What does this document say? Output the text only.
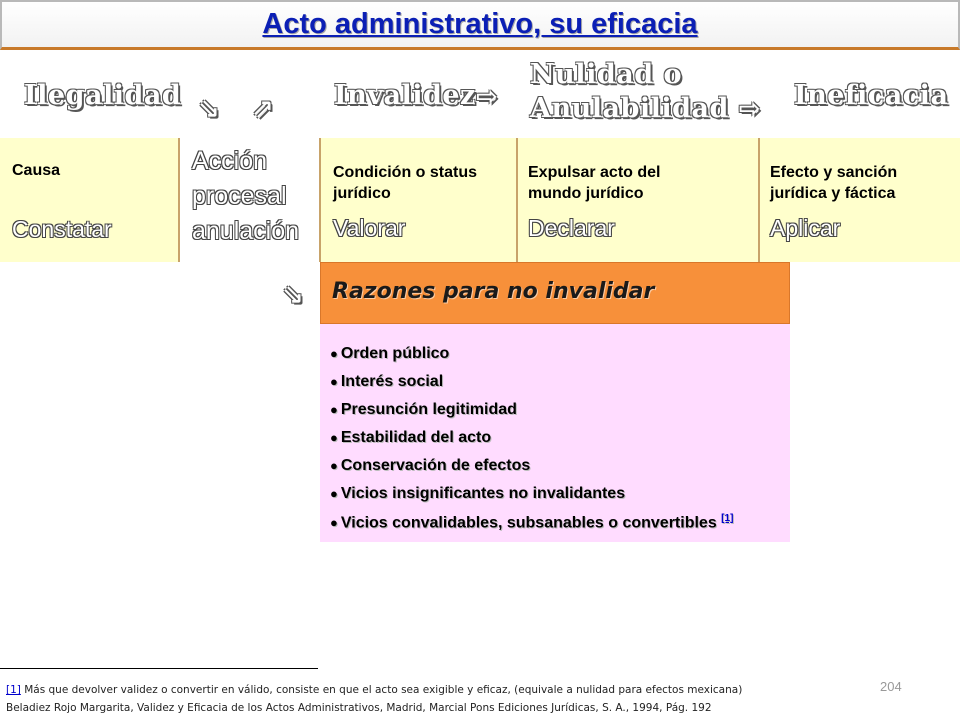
Acto administrativo, su eficacia
Ilegalidad ⇘ ⇗ Invalidez ⇨
Nulidad o
Anulabilidad ⇨ Ineficacia
Causa
Constatar
Acción
procesal
anulación
Condición o status
jurídico
Valorar
Expulsar acto del
mundo jurídico
Declarar
Efecto y sanción
jurídica y fáctica
Aplicar
⇘ Razones para no invalidar
● Orden público
● Interés social
● Presunción legitimidad
● Estabilidad del acto
● Conservación de efectos
● Vicios insignificantes no invalidantes
● Vicios convalidables, subsanables o convertibles [1]
[1] Más que devolver validez o convertir en válido, consiste en que el acto sea exigible y eficaz, (equivale a nulidad para efectos mexicana)
Beladiez Rojo Margarita, Validez y Eficacia de los Actos Administrativos, Madrid, Marcial Pons Ediciones Jurídicas, S. A., 1994, Pág. 192
204
